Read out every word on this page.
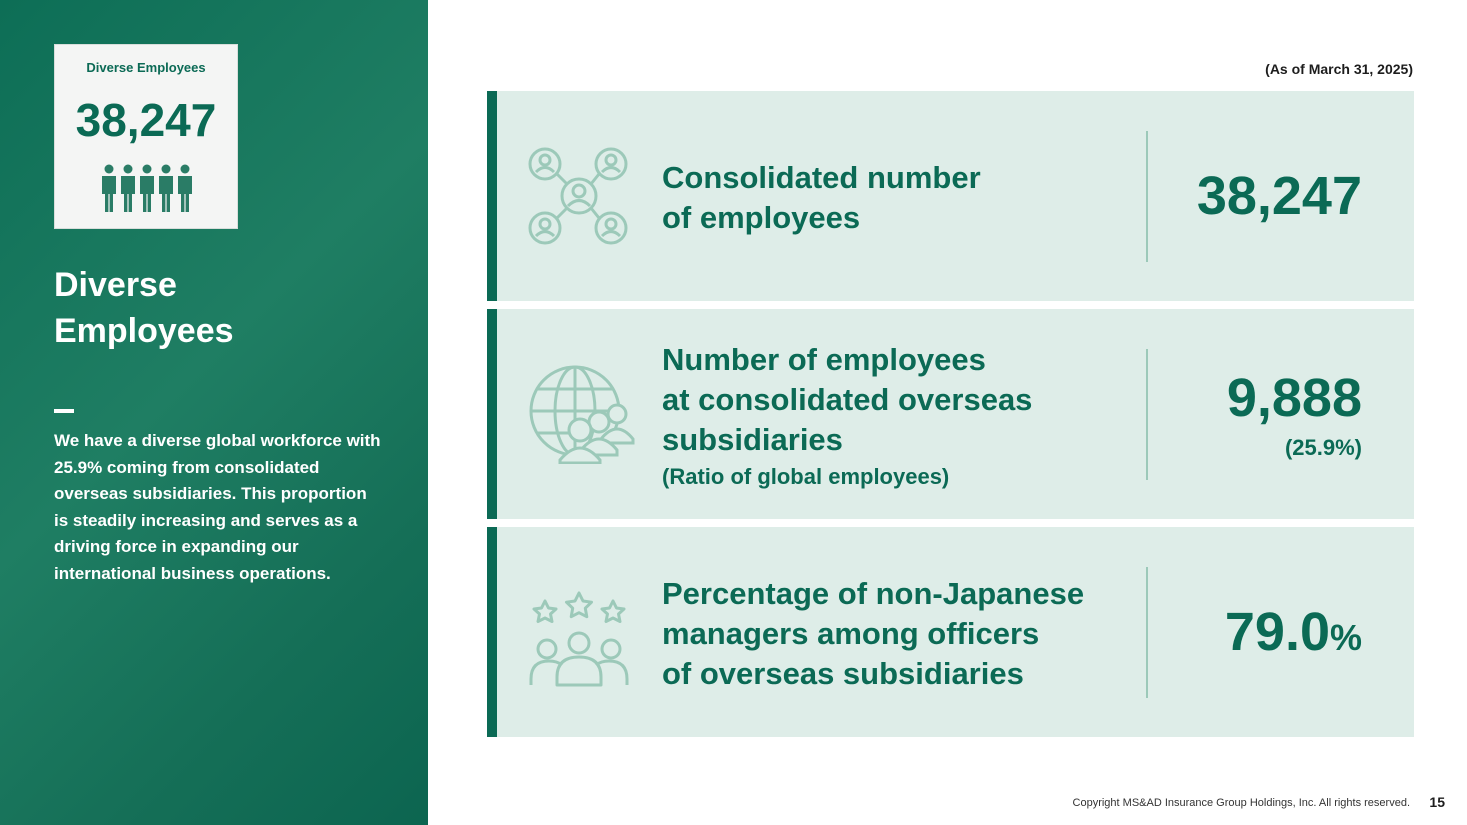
Diverse Employees
38,247
Diverse
Employees
We have a diverse global workforce with 25.9% coming from consolidated overseas subsidiaries. This proportion is steadily increasing and serves as a driving force in expanding our international business operations.
(As of March 31, 2025)
Consolidated number
of employees	38,247
Number of employees
at consolidated overseas
subsidiaries
(Ratio of global employees)
9,888
(25.9%)
Percentage of non-Japanese
managers among officers
of overseas subsidiaries
79.0%
Copyright MS&AD Insurance Group Holdings, Inc. All rights reserved. 15
